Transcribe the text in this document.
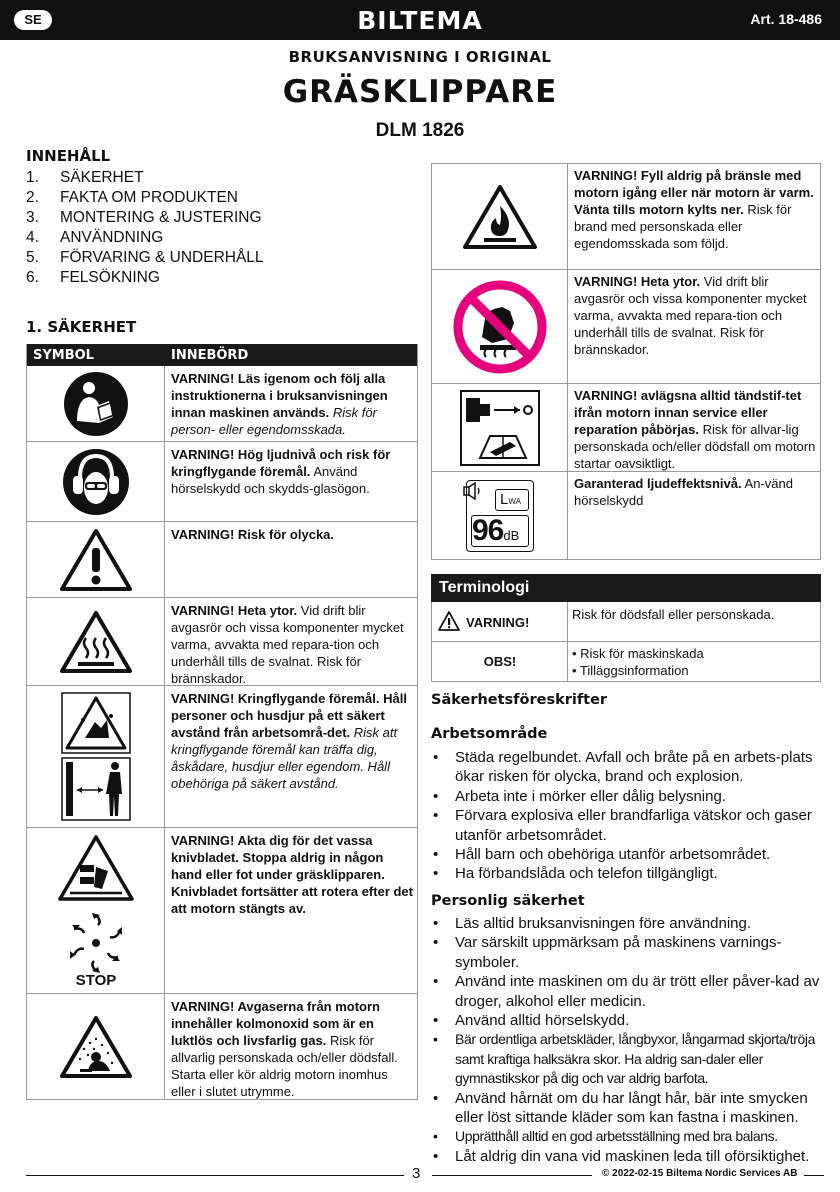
SE	BILTEMA	Art. 18-486
BRUKSANVISNING I ORIGINAL
GRÄSKLIPPARE
DLM 1826
INNEHÅLL
1. SÄKERHET
2. FAKTA OM PRODUKTEN
3. MONTERING & JUSTERING
4. ANVÄNDNING
5. FÖRVARING & UNDERHÅLL
6. FELSÖKNING
1. SÄKERHET
SYMBOL	INNEBÖRD
VARNING! Läs igenom och följ alla instruktionerna i bruksanvisningen innan maskinen används. Risk för person- eller egendomsskada.
VARNING! Hög ljudnivå och risk för kringflygande föremål. Använd hörselskydd och skydds-glasögon.
VARNING! Risk för olycka.
VARNING! Heta ytor. Vid drift blir avgasrör och vissa komponenter mycket varma, avvakta med repara-tion och underhåll tills de svalnat. Risk för brännskador.
VARNING! Kringflygande föremål. Håll personer och husdjur på ett säkert avstånd från arbetsområ-det. Risk att kringflygande föremål kan träffa dig, åskådare, husdjur eller egendom. Håll obehöriga på säkert avstånd.
STOP
VARNING! Akta dig för det vassa knivbladet. Stoppa aldrig in någon hand eller fot under gräsklipparen. Knivbladet fortsätter att rotera efter det att motorn stängts av.
VARNING! Avgaserna från motorn innehåller kolmonoxid som är en luktlös och livsfarlig gas. Risk för allvarlig personskada och/eller dödsfall. Starta eller kör aldrig motorn inomhus eller i slutet utrymme.
VARNING! Fyll aldrig på bränsle med motorn igång eller när motorn är varm. Vänta tills motorn kylts ner. Risk för brand med personskada eller egendomsskada som följd.
VARNING! Heta ytor. Vid drift blir avgasrör och vissa komponenter mycket varma, avvakta med repara-tion och underhåll tills de svalnat. Risk för brännskador.
VARNING! avlägsna alltid tändstif-tet ifrån motorn innan service eller reparation påbörjas. Risk för allvar-lig personskada och/eller dödsfall om motorn startar oavsiktligt.
LWA
96dB
Garanterad ljudeffektsnivå. An-vänd hörselskydd
Terminologi
VARNING!
Risk för dödsfall eller personskada.
OBS!
• Risk för maskinskada
• Tilläggsinformation
Säkerhetsföreskrifter
Arbetsområde
• Städa regelbundet. Avfall och bråte på en arbets-plats ökar risken för olycka, brand och explosion.
• Arbeta inte i mörker eller dålig belysning.
• Förvara explosiva eller brandfarliga vätskor och gaser utanför arbetsområdet.
• Håll barn och obehöriga utanför arbetsområdet.
• Ha förbandslåda och telefon tillgängligt.
Personlig säkerhet
• Läs alltid bruksanvisningen före användning.
• Var särskilt uppmärksam på maskinens varnings-symboler.
• Använd inte maskinen om du är trött eller påver-kad av droger, alkohol eller medicin.
• Använd alltid hörselskydd.
• Bär ordentliga arbetskläder, långbyxor, långarmad skjorta/tröja samt kraftiga halksäkra skor. Ha aldrig san-daler eller gymnastikskor på dig och var aldrig barfota.
• Använd hårnät om du har långt hår, bär inte smycken eller löst sittande kläder som kan fastna i maskinen.
• Upprätthåll alltid en god arbetsställning med bra balans.
• Låt aldrig din vana vid maskinen leda till oförsiktighet.
3	© 2022-02-15 Biltema Nordic Services AB
